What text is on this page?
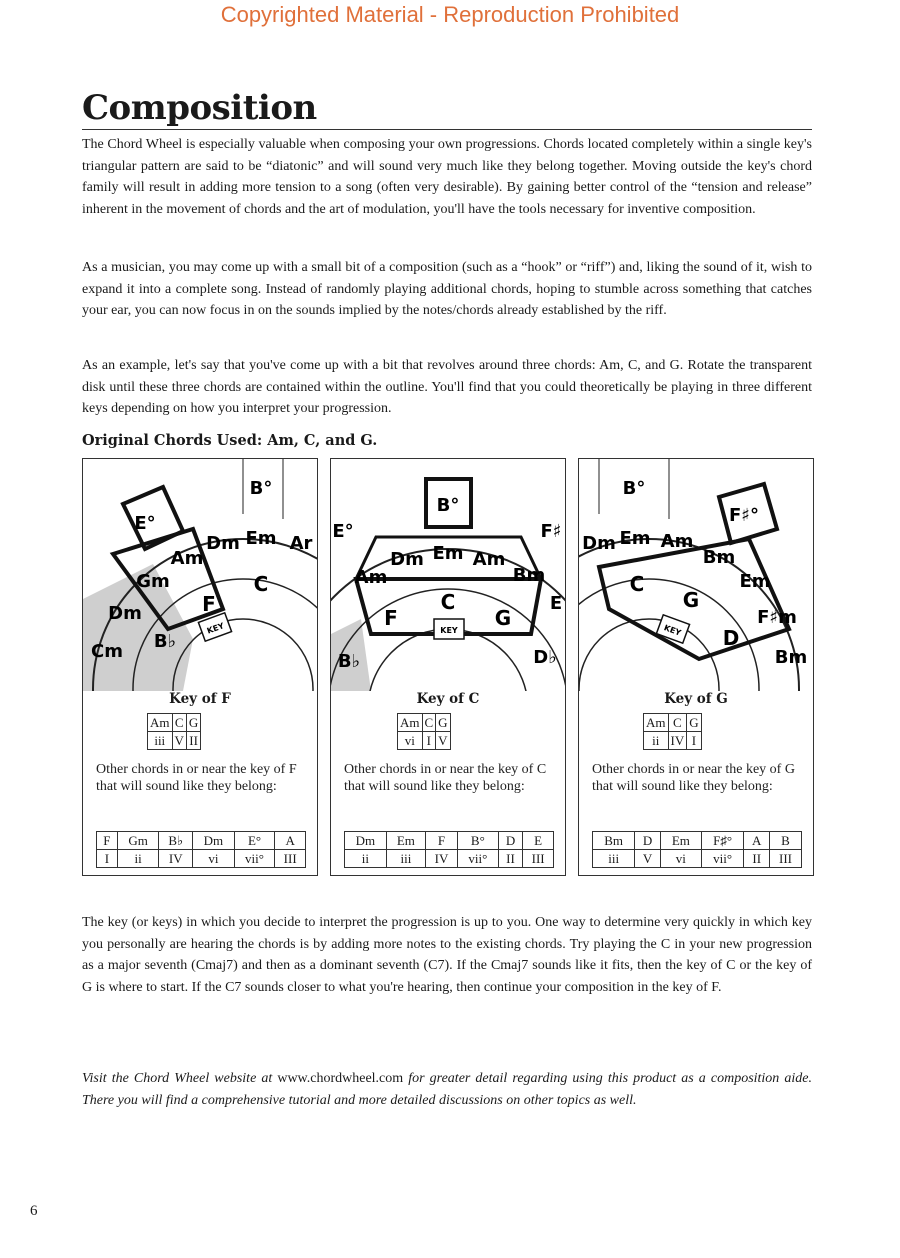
Copyrighted Material - Reproduction Prohibited
Composition

The Chord Wheel is especially valuable when composing your own progressions. Chords located completely within a single key's triangular pattern are said to be “diatonic” and will sound very much like they belong together. Moving outside the key's chord family will result in adding more tension to a song (often very desirable). By gaining better control of the “tension and release” inherent in the movement of chords and the art of modulation, you'll have the tools necessary for inventive composition.

As a musician, you may come up with a small bit of a composition (such as a “hook” or “riff”) and, liking the sound of it, wish to expand it into a complete song. Instead of randomly playing additional chords, hoping to stumble across something that catches your ear, you can now focus in on the sounds implied by the notes/chords already established by the riff.

As an example, let's say that you've come up with a bit that revolves around three chords: Am, C, and G. Rotate the transparent disk until these three chords are contained within the outline. You'll find that you could theoretically be playing in three different keys depending on how you interpret your progression.

Original Chords Used: Am, C, and G.
E°
B°
Dm Em Ar
Am
Gm	C
F
Dm
B♭
Cm
KEY
Key of F
Am	C	G
iii	V	II
Other chords in or near the key of F that will sound like they belong:
F	Gm	B♭	Dm	E°	A
I	ii	IV	vi	vii°	III
E°
B°
F♯
Dm Em Am
Am	Bm
C
F	G
E
B♭	D♭
KEY
Key of C
Am	C	G
vi	I	V
Other chords in or near the key of C that will sound like they belong:
Dm	Em	F	B°	D	E
ii	iii	IV	vii°	II	III
B°
F♯°
Dm Em Am
Bm
C
G
Em
F♯m
D
Bm
KEY
Key of G
Am	C	G
ii	IV	I
Other chords in or near the key of G that will sound like they belong:
Bm	D	Em	F♯°	A	B
iii	V	vi	vii°	II	III

The key (or keys) in which you decide to interpret the progression is up to you. One way to determine very quickly in which key you personally are hearing the chords is by adding more notes to the existing chords. Try playing the C in your new progression as a major seventh (Cmaj7) and then as a dominant seventh (C7). If the Cmaj7 sounds like it fits, then the key of C or the key of G is where to start. If the C7 sounds closer to what you're hearing, then continue your composition in the key of F.

Visit the Chord Wheel website at www.chordwheel.com for greater detail regarding using this product as a composition aide. There you will find a comprehensive tutorial and more detailed discussions on other topics as well.

6
